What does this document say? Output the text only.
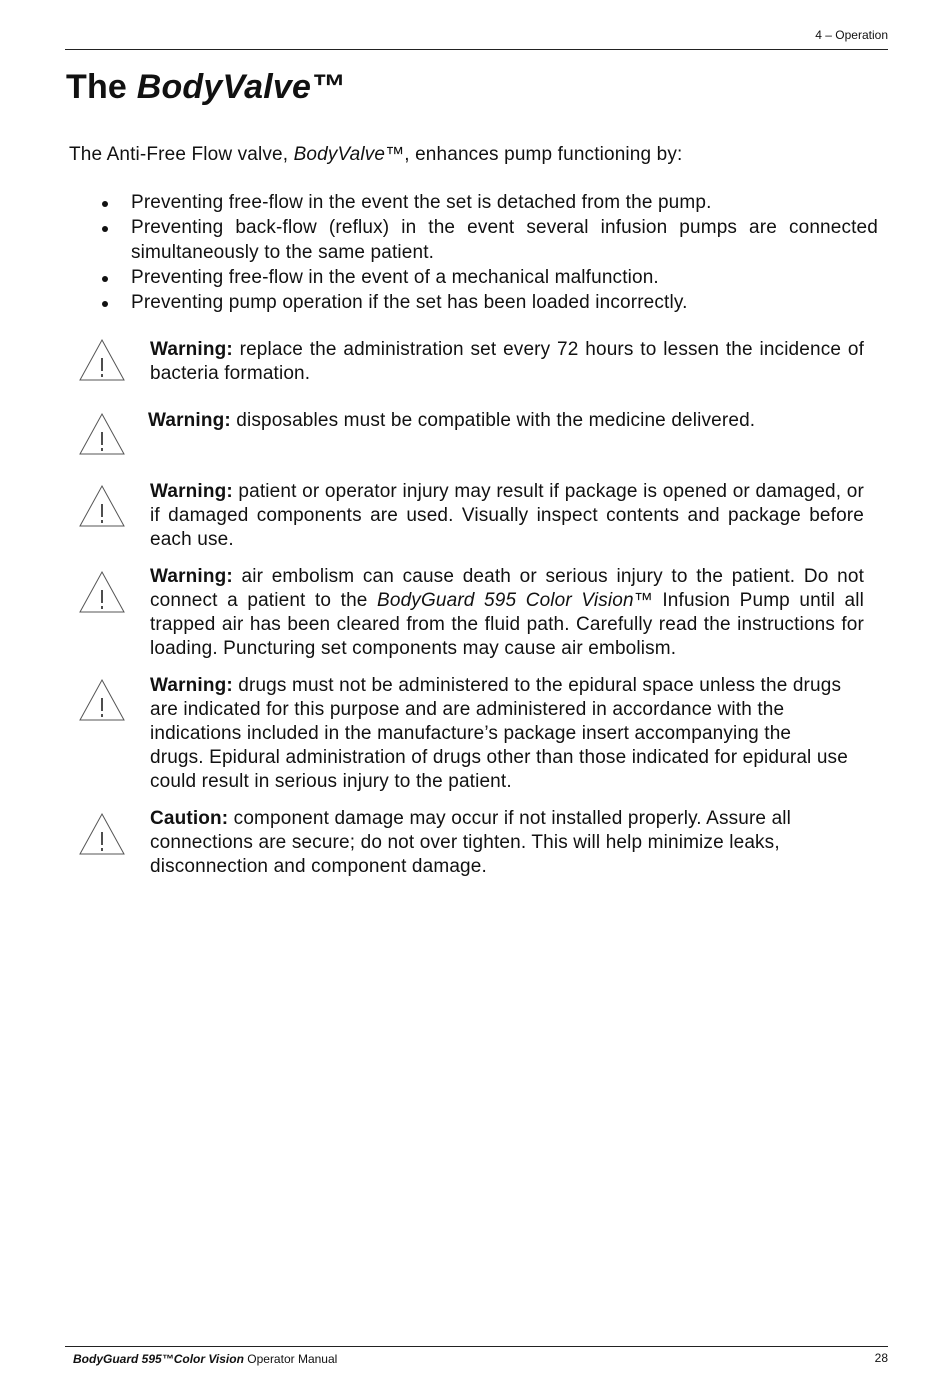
4 – Operation
The BodyValve™

The Anti-Free Flow valve, BodyValve™, enhances pump functioning by:

Preventing free-flow in the event the set is detached from the pump.
Preventing back-flow (reflux) in the event several infusion pumps are connected simultaneously to the same patient.
Preventing free-flow in the event of a mechanical malfunction.
Preventing pump operation if the set has been loaded incorrectly.
Warning: replace the administration set every 72 hours to lessen the incidence of bacteria formation.
Warning: disposables must be compatible with the medicine delivered.
Warning: patient or operator injury may result if package is opened or damaged, or if damaged components are used. Visually inspect contents and package before each use.
Warning: air embolism can cause death or serious injury to the patient. Do not connect a patient to the BodyGuard 595 Color Vision™ Infusion Pump until all trapped air has been cleared from the fluid path. Carefully read the instructions for loading. Puncturing set components may cause air embolism.
Warning: drugs must not be administered to the epidural space unless the drugs are indicated for this purpose and are administered in accordance with the indications included in the manufacture’s package insert accompanying the drugs. Epidural administration of drugs other than those indicated for epidural use could result in serious injury to the patient.
Caution: component damage may occur if not installed properly. Assure all connections are secure; do not over tighten. This will help minimize leaks, disconnection and component damage.
BodyGuard 595™Color Vision Operator Manual	28
